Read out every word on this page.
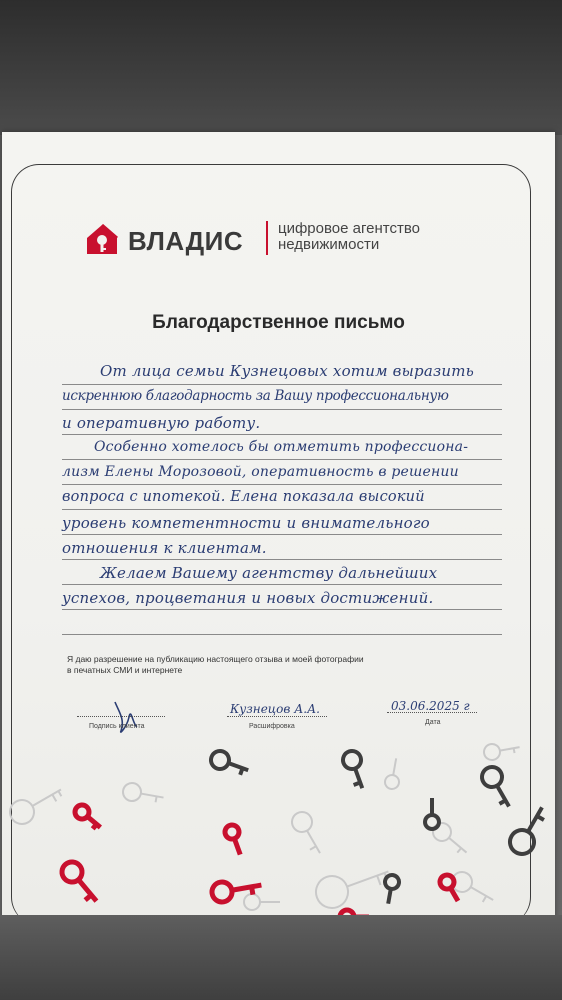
ВЛАДИС цифровое агентство
недвижимости
Благодарственное письмо
От лица семьи Кузнецовых хотим выразить
искреннюю благодарность за Вашу профессиональную
и оперативную работу.
Особенно хотелось бы отметить профессиона-
лизм Елены Морозовой, оперативность в решении
вопроса с ипотекой. Елена показала высокий
уровень компетентности и внимательного
отношения к клиентам.
Желаем Вашему агентству дальнейших
успехов, процветания и новых достижений.
Я даю разрешение на публикацию настоящего отзыва и моей фотографии
в печатных СМИ и интернете
Подпись клиента
Кузнецов А.А.
Расшифровка
03.06.2025 г
Дата
